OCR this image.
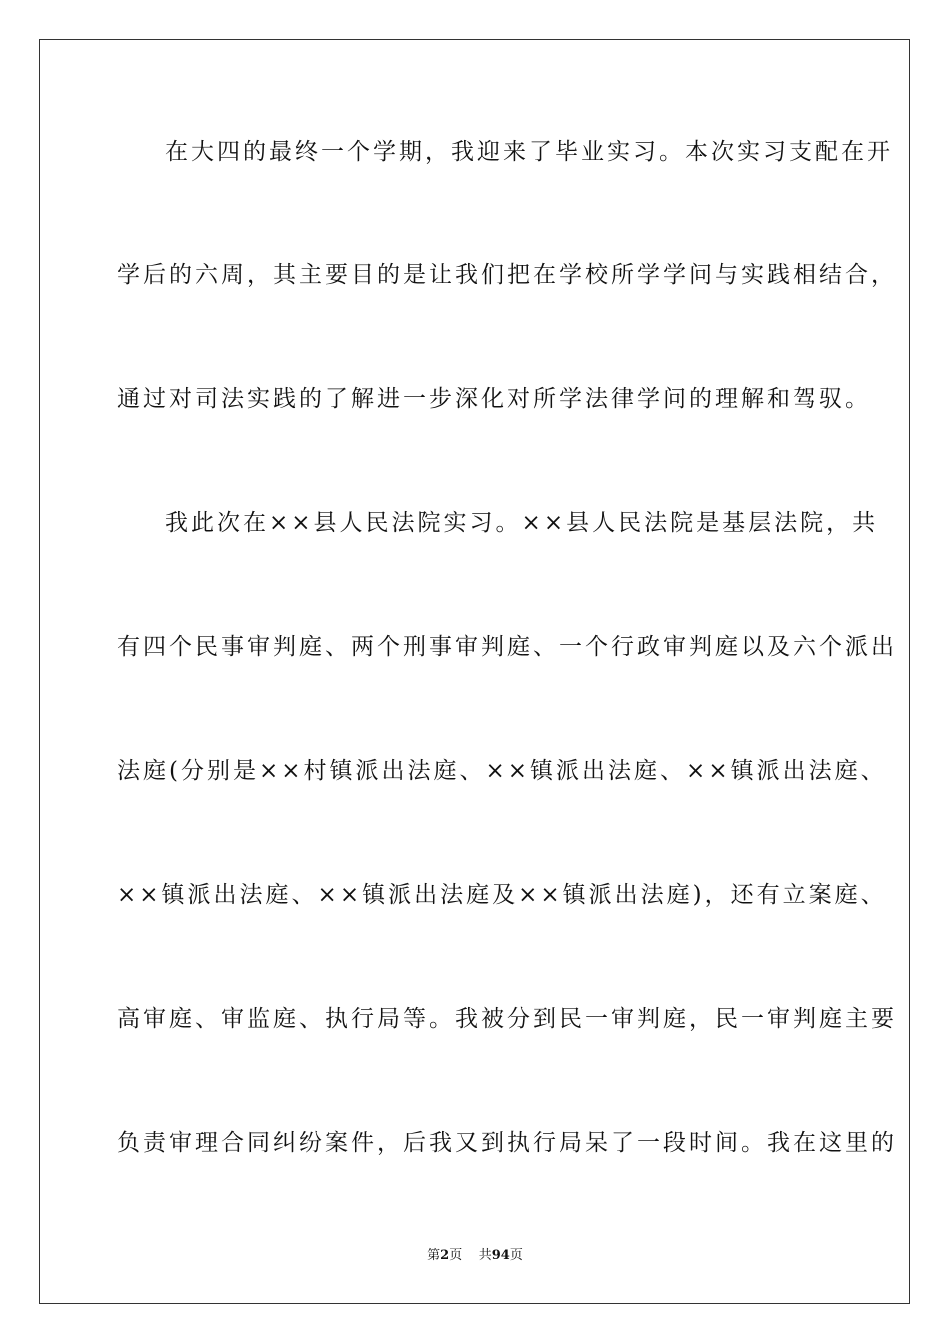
在大四的最终一个学期，我迎来了毕业实习。本次实习支配在开
学后的六周，其主要目的是让我们把在学校所学学问与实践相结合，
通过对司法实践的了解进一步深化对所学法律学问的理解和驾驭。
我此次在××县人民法院实习。××县人民法院是基层法院，共
有四个民事审判庭、两个刑事审判庭、一个行政审判庭以及六个派出
法庭(分别是××村镇派出法庭、××镇派出法庭、××镇派出法庭、
××镇派出法庭、××镇派出法庭及××镇派出法庭)，还有立案庭、
高审庭、审监庭、执行局等。我被分到民一审判庭，民一审判庭主要
负责审理合同纠纷案件，后我又到执行局呆了一段时间。我在这里的
第2页 共94页
